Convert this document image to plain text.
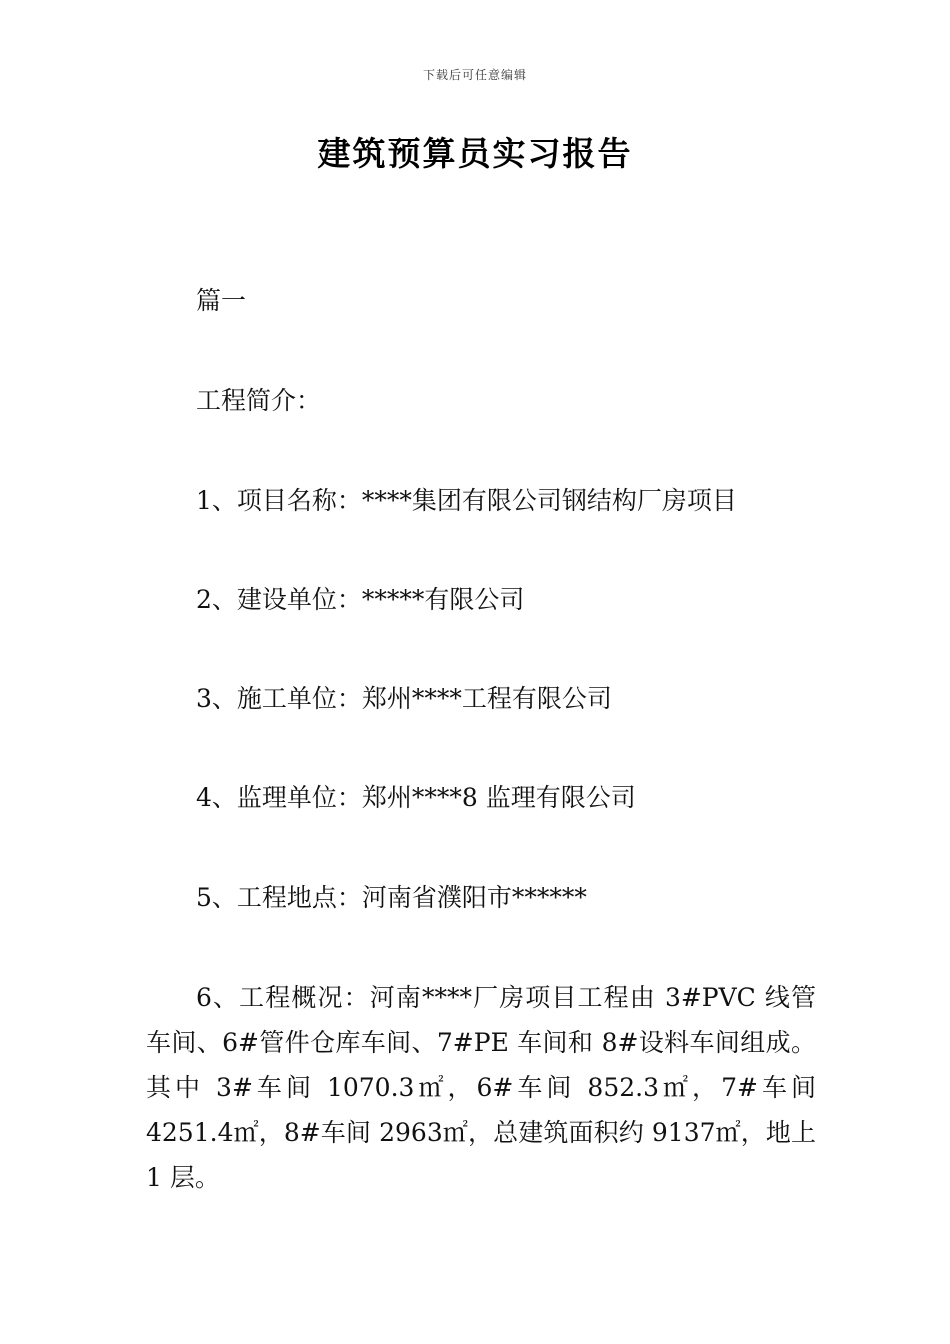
下载后可任意编辑
建筑预算员实习报告

篇一

工程简介：

1、项目名称：****集团有限公司钢结构厂房项目

2、建设单位：*****有限公司

3、施工单位：郑州****工程有限公司

4、监理单位：郑州****8 监理有限公司

5、工程地点：河南省濮阳市******

6、工程概况：河南****厂房项目工程由 3#PVC 线管车间、6#管件仓库车间、7#PE 车间和 8#设料车间组成。其中 3#车间 1070.3㎡，6#车间 852.3㎡，7#车间 4251.4㎡，8#车间 2963㎡，总建筑面积约 9137㎡，地上 1 层。
